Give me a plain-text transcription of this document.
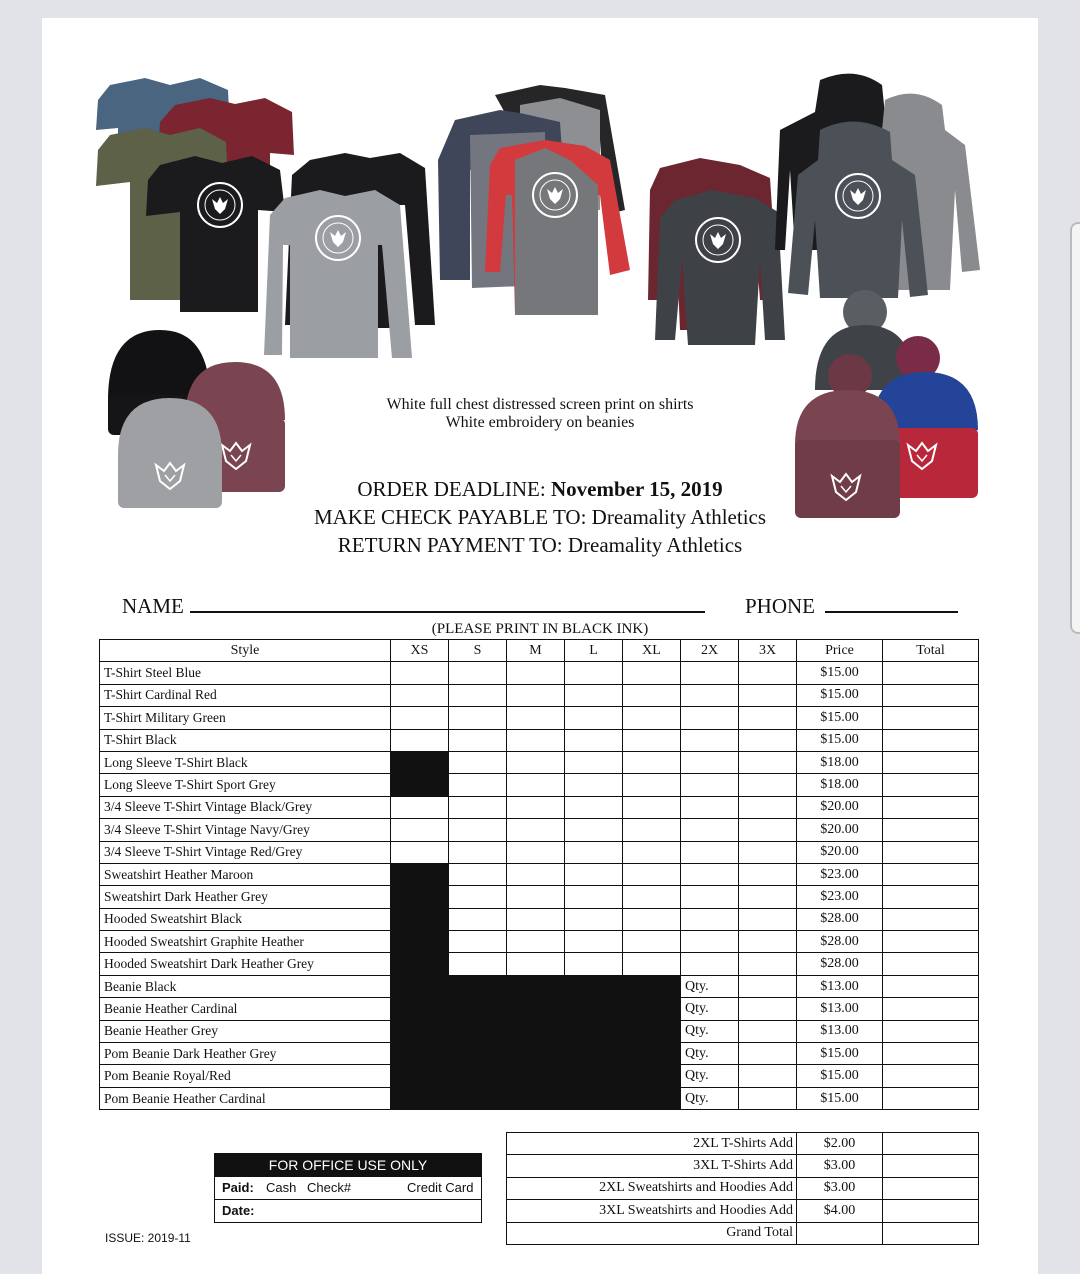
White full chest distressed screen print on shirts
White embroidery on beanies
ORDER DEADLINE: November 15, 2019
MAKE CHECK PAYABLE TO: Dreamality Athletics
RETURN PAYMENT TO: Dreamality Athletics
NAME	PHONE
(PLEASE PRINT IN BLACK INK)
Style	XS	S	M	L	XL	2X	3X	Price	Total
T-Shirt Steel Blue								$15.00	
T-Shirt Cardinal Red								$15.00	
T-Shirt Military Green								$15.00	
T-Shirt Black								$15.00	
Long Sleeve T-Shirt Black								$18.00	
Long Sleeve T-Shirt Sport Grey								$18.00	
3/4 Sleeve T-Shirt Vintage Black/Grey								$20.00	
3/4 Sleeve T-Shirt Vintage Navy/Grey								$20.00	
3/4 Sleeve T-Shirt Vintage Red/Grey								$20.00	
Sweatshirt Heather Maroon								$23.00	
Sweatshirt Dark Heather Grey								$23.00	
Hooded Sweatshirt Black								$28.00	
Hooded Sweatshirt Graphite Heather								$28.00	
Hooded Sweatshirt Dark Heather Grey								$28.00	
Beanie Black						Qty.		$13.00	
Beanie Heather Cardinal						Qty.		$13.00	
Beanie Heather Grey						Qty.		$13.00	
Pom Beanie Dark Heather Grey						Qty.		$15.00	
Pom Beanie Royal/Red						Qty.		$15.00	
Pom Beanie Heather Cardinal						Qty.		$15.00	
2XL T-Shirts Add	$2.00	
3XL T-Shirts Add	$3.00	
2XL Sweatshirts and Hoodies Add	$3.00	
3XL Sweatshirts and Hoodies Add	$4.00	
Grand Total		
FOR OFFICE USE ONLY
Paid: Cash Check#	Credit Card
Date:
ISSUE: 2019-11
